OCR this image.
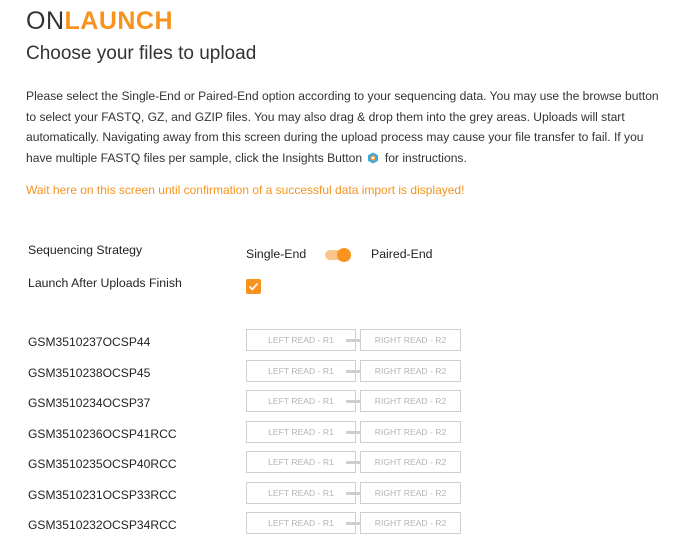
ONLAUNCH
Choose your files to upload
Please select the Single-End or Paired-End option according to your sequencing data. You may use the browse button to select your FASTQ, GZ, and GZIP files. You may also drag & drop them into the grey areas. Uploads will start automatically. Navigating away from this screen during the upload process may cause your file transfer to fail. If you have multiple FASTQ files per sample, click the Insights Button for instructions.
Wait here on this screen until confirmation of a successful data import is displayed!
Sequencing Strategy	Single-End	Paired-End
Launch After Uploads Finish
GSM3510237OCSP44	LEFT READ - R1	RIGHT READ - R2
GSM3510238OCSP45	LEFT READ - R1	RIGHT READ - R2
GSM3510234OCSP37	LEFT READ - R1	RIGHT READ - R2
GSM3510236OCSP41RCC	LEFT READ - R1	RIGHT READ - R2
GSM3510235OCSP40RCC	LEFT READ - R1	RIGHT READ - R2
GSM3510231OCSP33RCC	LEFT READ - R1	RIGHT READ - R2
GSM3510232OCSP34RCC	LEFT READ - R1	RIGHT READ - R2
